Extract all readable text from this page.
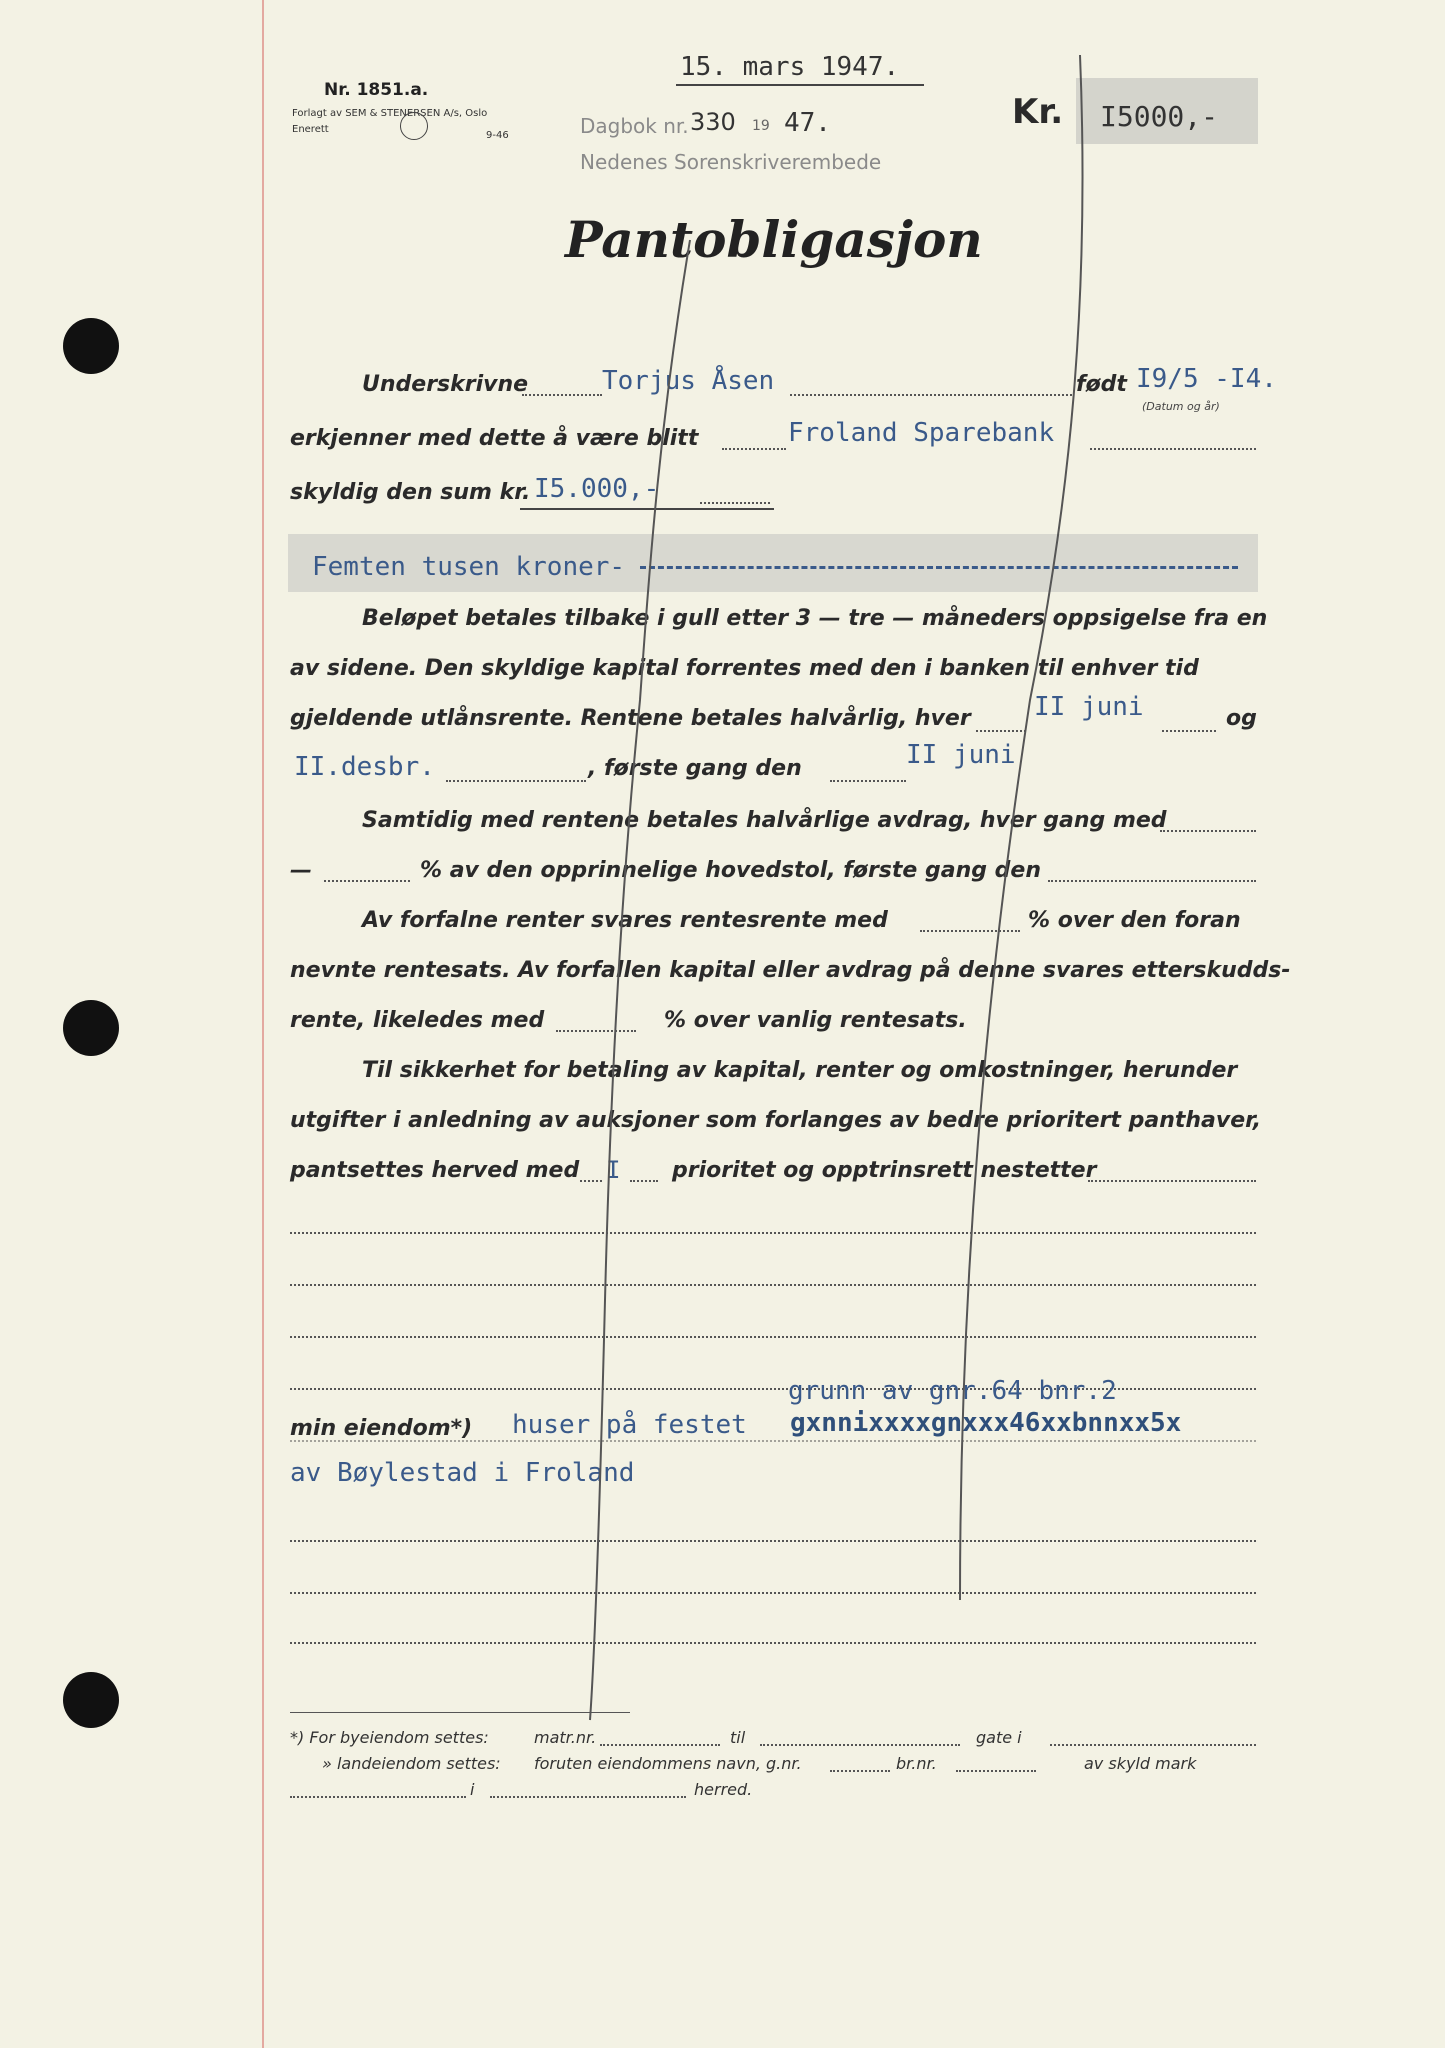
15. mars 1947.
Nr. 1851.a.
Forlagt av SEM & STENERSEN A/s, Oslo
Enerett
9-46	Dagbok nr. 330 19 47.
Nedenes Sorenskriverembede
Kr. I5000,-
Pantobligasjon
Underskrivne	Torjus Åsen	født I9/5 -I4.
(Datum og år)
erkjenner med dette å være blitt	Froland Sparebank
skyldig den sum kr. I5.000,-
Femten tusen kroner-
Beløpet betales tilbake i gull etter 3 — tre — måneders oppsigelse fra en
av sidene. Den skyldige kapital forrentes med den i banken til enhver tid
gjeldende utlånsrente. Rentene betales halvårlig, hver II juni	og
II.desbr.	, første gang den	II juni
Samtidig med rentene betales halvårlige avdrag, hver gang med
—	% av den opprinnelige hovedstol, første gang den
Av forfalne renter svares rentesrente med	% over den foran
nevnte rentesats. Av forfallen kapital eller avdrag på denne svares etterskudds-
rente, likeledes med	% over vanlig rentesats.
Til sikkerhet for betaling av kapital, renter og omkostninger, herunder
utgifter i anledning av auksjoner som forlanges av bedre prioritert panthaver,
pantsettes herved med I prioritet og opptrinsrett nestetter
grunn av gnr.64 bnr.2
min eiendom*) huser på festet gxnnixxxxgnxxx46xxbnnxx5x
av Bøylestad i Froland
*) For byeiendom settes:	matr.nr.	til	gate i
» landeiendom settes: foruten eiendommens navn, g.nr.	br.nr.	av skyld mark
i	herred.
